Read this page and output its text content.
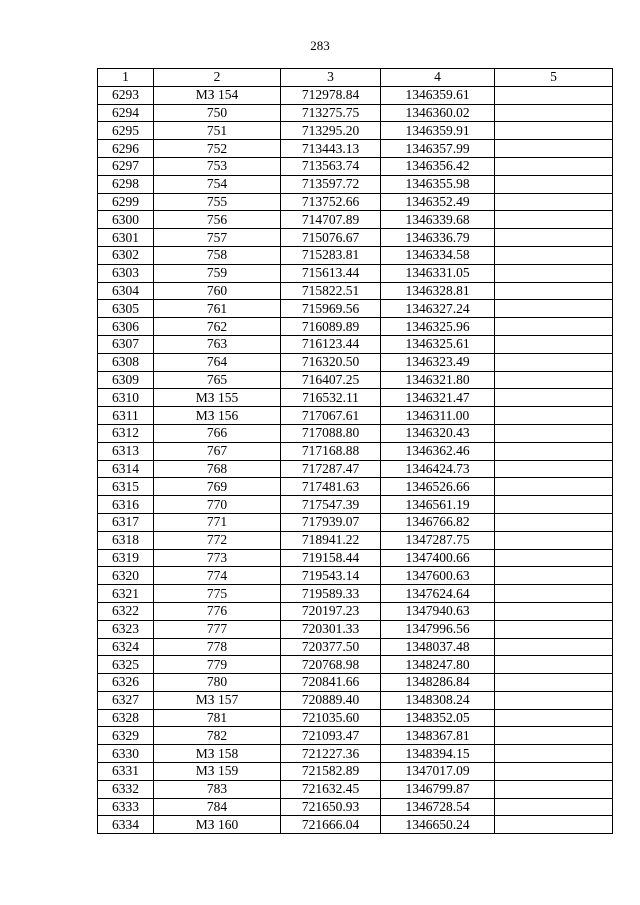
283
1	2	3	4	5
6293	МЗ 154	712978.84	1346359.61	
6294	750	713275.75	1346360.02	
6295	751	713295.20	1346359.91	
6296	752	713443.13	1346357.99	
6297	753	713563.74	1346356.42	
6298	754	713597.72	1346355.98	
6299	755	713752.66	1346352.49	
6300	756	714707.89	1346339.68	
6301	757	715076.67	1346336.79	
6302	758	715283.81	1346334.58	
6303	759	715613.44	1346331.05	
6304	760	715822.51	1346328.81	
6305	761	715969.56	1346327.24	
6306	762	716089.89	1346325.96	
6307	763	716123.44	1346325.61	
6308	764	716320.50	1346323.49	
6309	765	716407.25	1346321.80	
6310	МЗ 155	716532.11	1346321.47	
6311	МЗ 156	717067.61	1346311.00	
6312	766	717088.80	1346320.43	
6313	767	717168.88	1346362.46	
6314	768	717287.47	1346424.73	
6315	769	717481.63	1346526.66	
6316	770	717547.39	1346561.19	
6317	771	717939.07	1346766.82	
6318	772	718941.22	1347287.75	
6319	773	719158.44	1347400.66	
6320	774	719543.14	1347600.63	
6321	775	719589.33	1347624.64	
6322	776	720197.23	1347940.63	
6323	777	720301.33	1347996.56	
6324	778	720377.50	1348037.48	
6325	779	720768.98	1348247.80	
6326	780	720841.66	1348286.84	
6327	МЗ 157	720889.40	1348308.24	
6328	781	721035.60	1348352.05	
6329	782	721093.47	1348367.81	
6330	МЗ 158	721227.36	1348394.15	
6331	МЗ 159	721582.89	1347017.09	
6332	783	721632.45	1346799.87	
6333	784	721650.93	1346728.54	
6334	МЗ 160	721666.04	1346650.24	
